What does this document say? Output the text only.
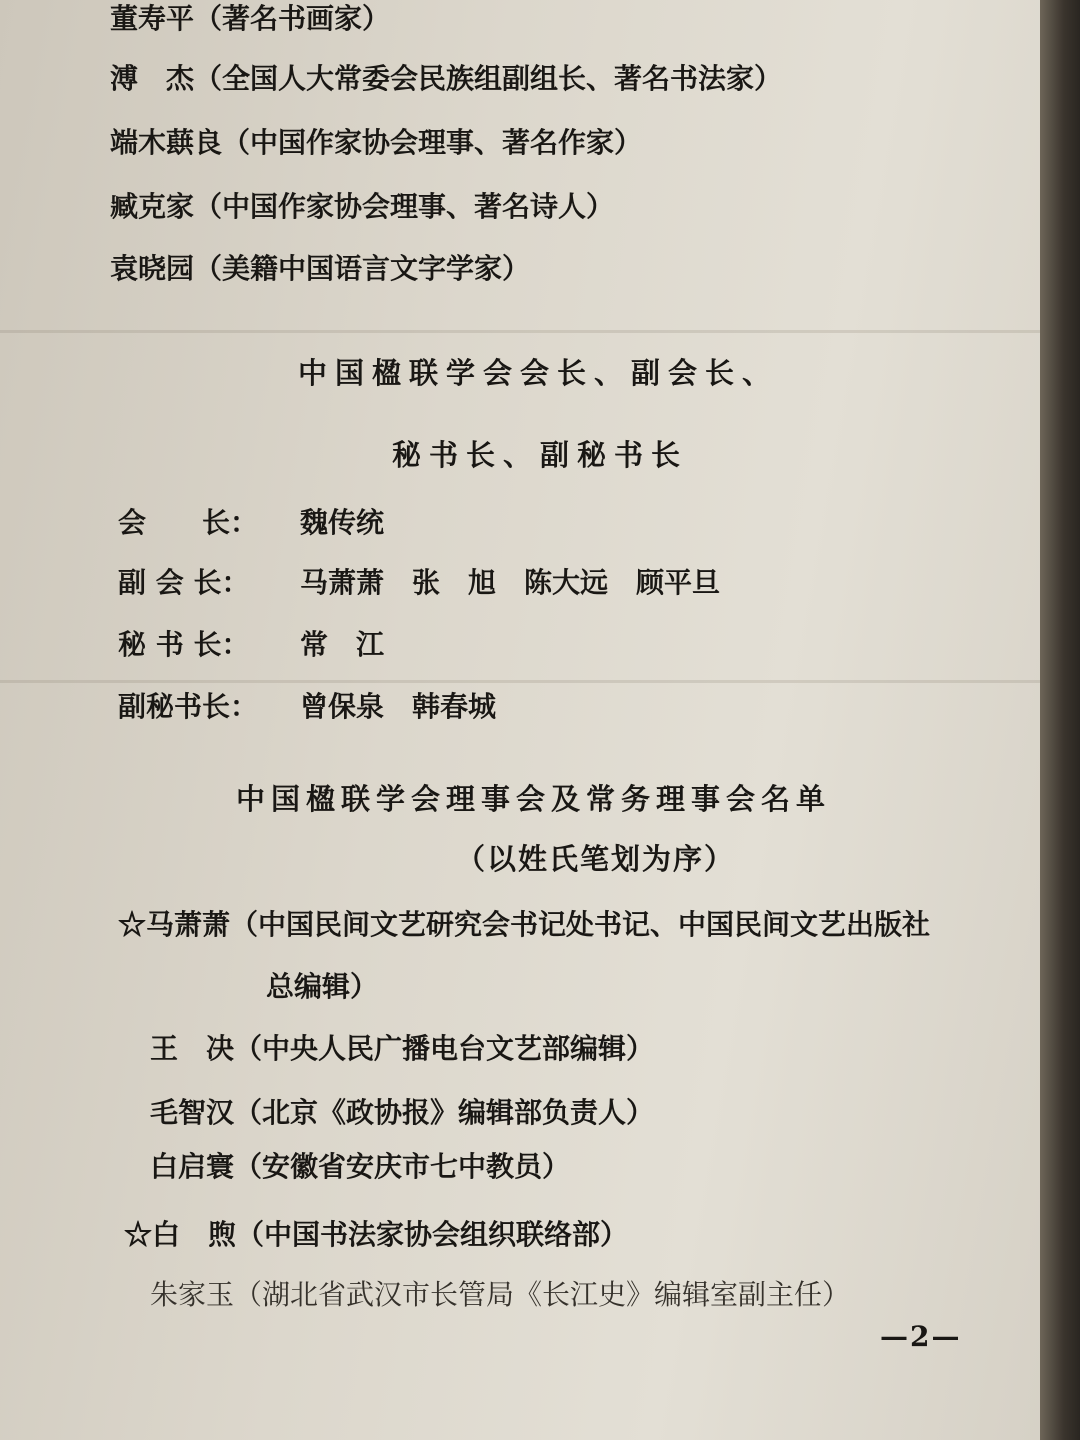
董寿平（著名书画家）
溥　杰（全国人大常委会民族组副组长、著名书法家）
端木蕻良（中国作家协会理事、著名作家）
臧克家（中国作家协会理事、著名诗人）
袁晓园（美籍中国语言文字学家）
中国楹联学会会长、副会长、
秘书长、副秘书长
会　　长： 魏传统
副 会 长： 马萧萧　张　旭　陈大远　顾平旦
秘 书 长： 常　江
副秘书长： 曾保泉　韩春城
中国楹联学会理事会及常务理事会名单
（以姓氏笔划为序）
☆马萧萧（中国民间文艺研究会书记处书记、中国民间文艺出版社
总编辑）
王　决（中央人民广播电台文艺部编辑）
毛智汉（北京《政协报》编辑部负责人）
白启寰（安徽省安庆市七中教员）
☆白　煦（中国书法家协会组织联络部）
朱家玉（湖北省武汉市长管局《长江史》编辑室副主任）
—2—
